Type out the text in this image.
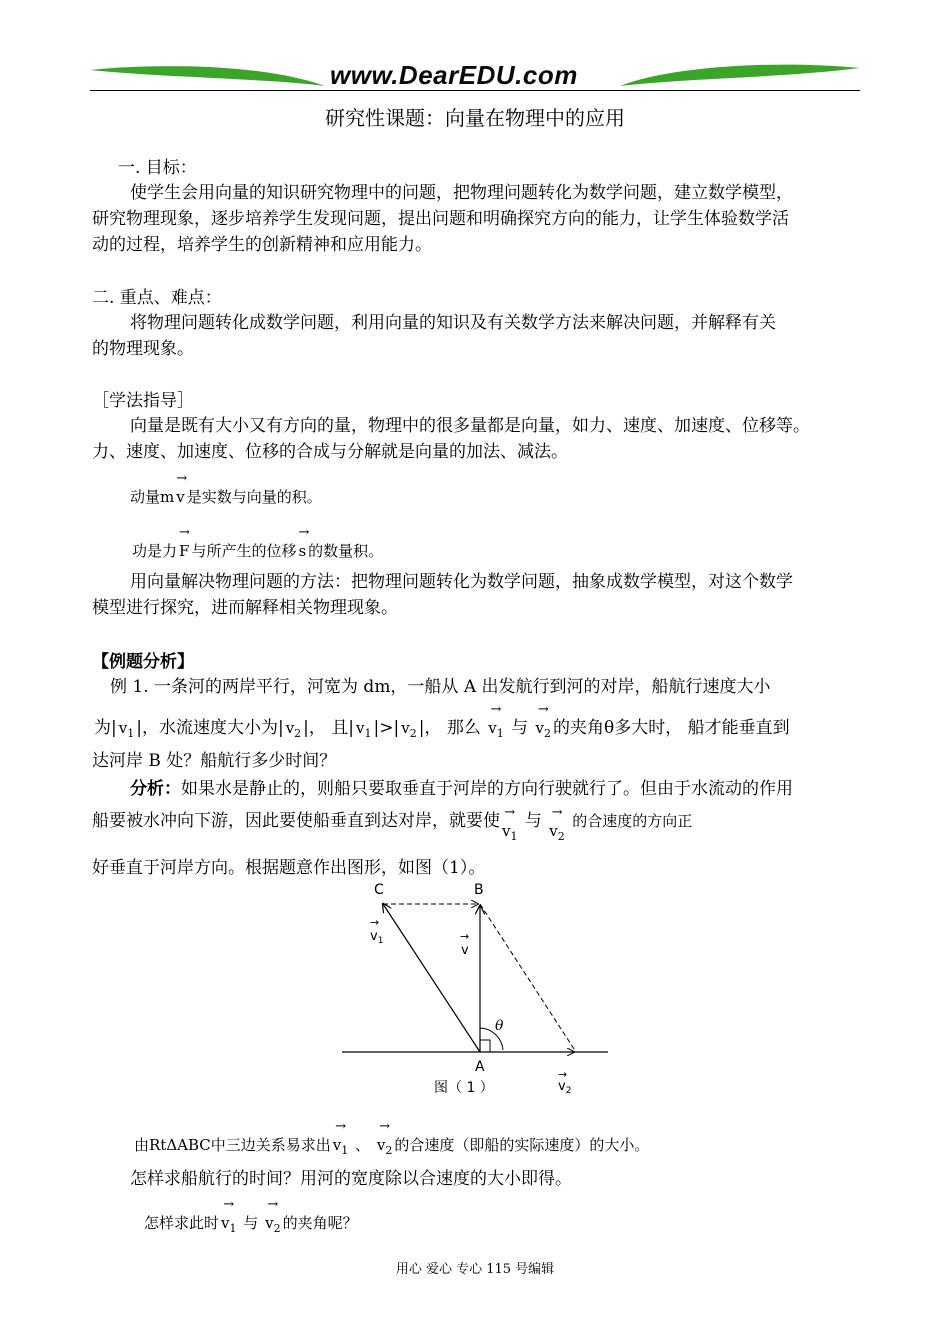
www.DearEDU.com
研究性课题：向量在物理中的应用
一. 目标：
使学生会用向量的知识研究物理中的问题，把物理问题转化为数学问题，建立数学模型，
研究物理现象，逐步培养学生发现问题，提出问题和明确探究方向的能力，让学生体验数学活
动的过程，培养学生的创新精神和应用能力。
二. 重点、难点：
将物理问题转化成数学问题，利用向量的知识及有关数学方法来解决问题，并解释有关
的物理现象。
［学法指导］
向量是既有大小又有方向的量，物理中的很多量都是向量，如力、速度、加速度、位移等。
力、速度、加速度、位移的合成与分解就是向量的加法、减法。
动量m
→
v 是实数与向量的积。
功是力
→
F 与所产生的位移
→
s 的数量积。
用向量解决物理问题的方法：把物理问题转化为数学问题，抽象成数学模型，对这个数学
模型进行探究，进而解释相关物理现象。
【例题分析】
例 1. 一条河的两岸平行，河宽为 dm，一船从 A 出发航行到河的对岸，船航行速度大小
为| $v_1$ |，水流速度大小为| $v_2$ |， 且| $v_1$ |>| $v_2$ |， 那么
→
$v_1$ 与
→
$v_2$ 的夹角θ多大时， 船才能垂直到
达河岸 B 处？船航行多少时间？
分析：如果水是静止的，则船只要取垂直于河岸的方向行驶就行了。但由于水流动的作用
船要被水冲向下游，因此要使船垂直到达对岸，就要使 →
$v_1$ 与 →
$v_2$ 的合速度的方向正
好垂直于河岸方向。根据题意作出图形，如图（1）。
C	B
A
θ
→
$v_1$	→
v
→
$v_2$
图（ 1 ）
由RtΔABC中三边关系易求出
→
$v_1$ 、
→
$v_2$ 的合速度（即船的实际速度）的大小。
怎样求船航行的时间？用河的宽度除以合速度的大小即得。
怎样求此时
→
$v_1$ 与
→
$v_2$ 的夹角呢？
用心 爱心 专心 115 号编辑
